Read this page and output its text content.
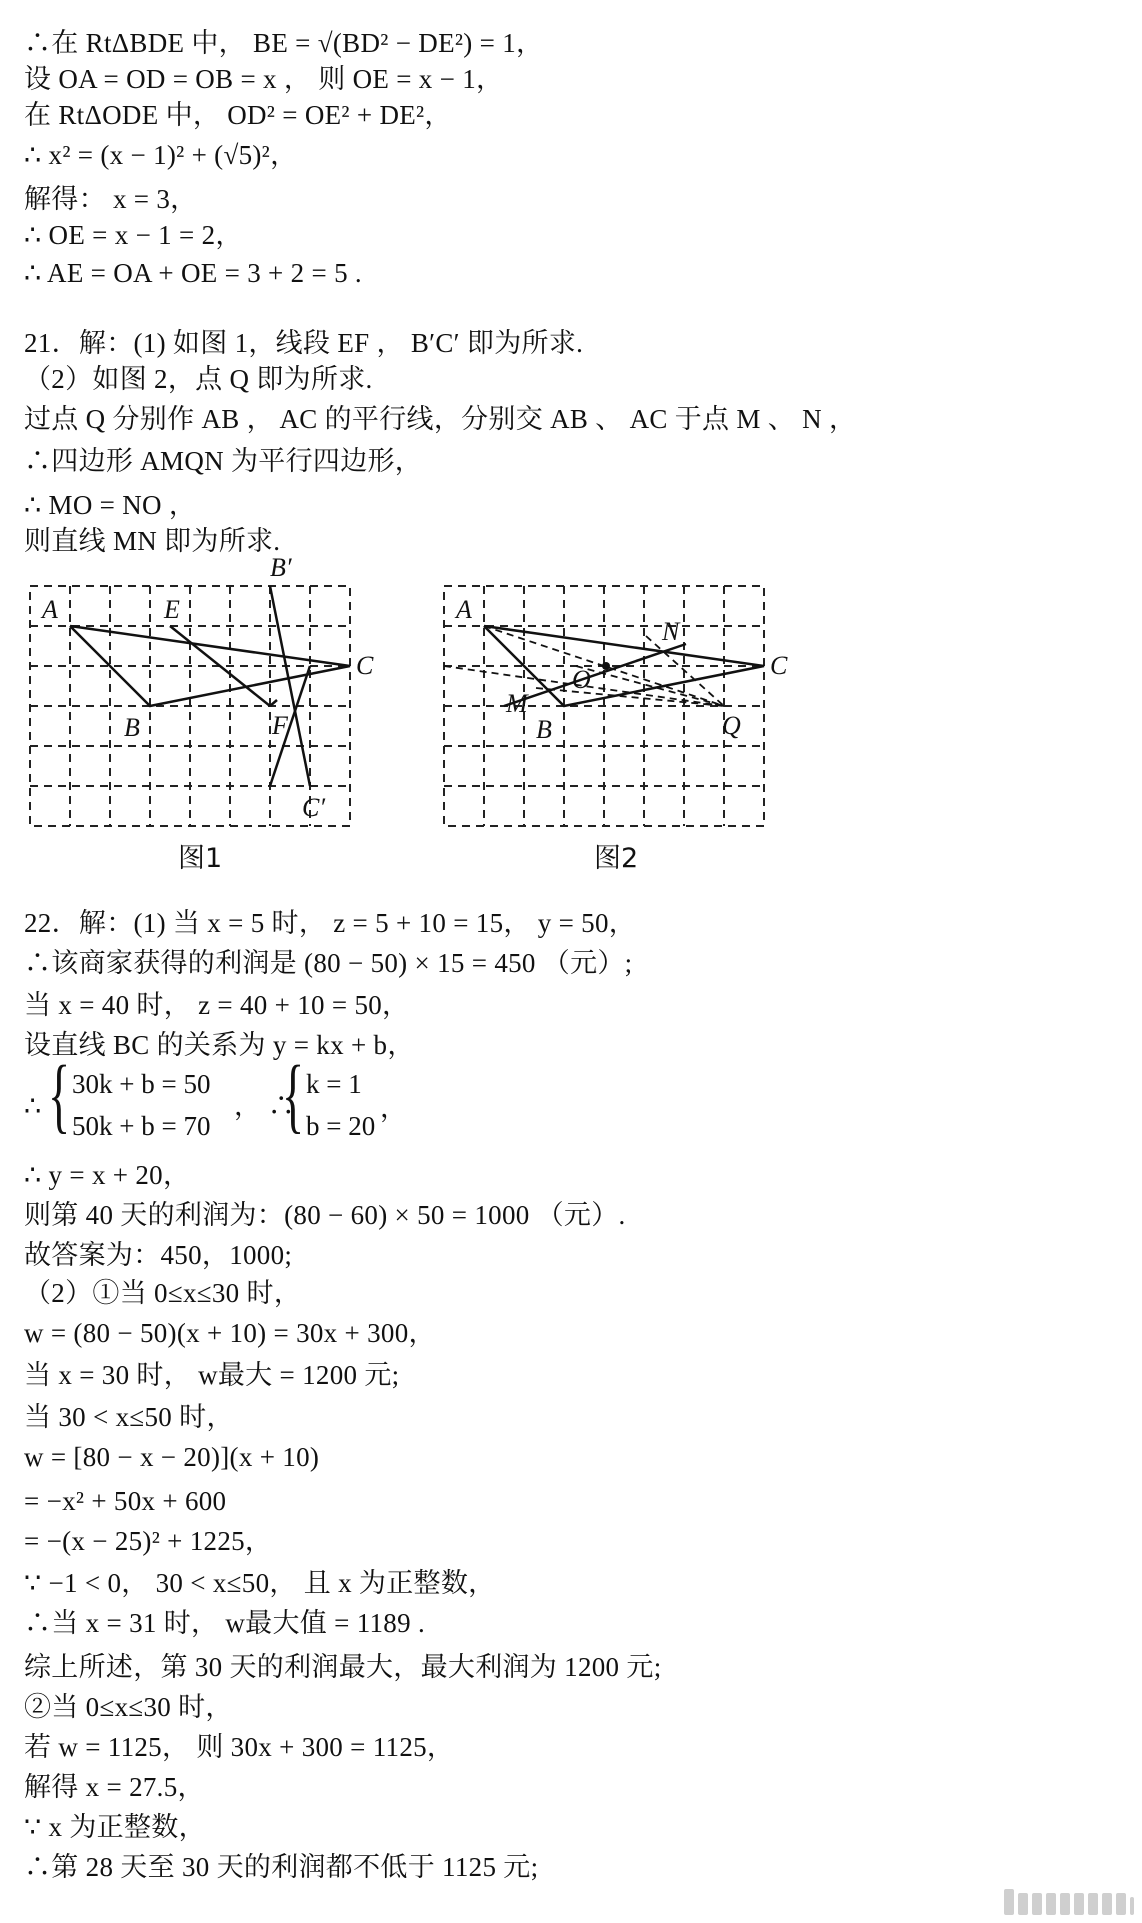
∴在 RtΔBDE 中， BE = √(BD² − DE²) = 1，
设 OA = OD = OB = x ， 则 OE = x − 1，
在 RtΔODE 中， OD² = OE² + DE²，
∴ x² = (x − 1)² + (√5)²，
解得： x = 3，
∴ OE = x − 1 = 2，
∴ AE = OA + OE = 3 + 2 = 5 .
21．解：(1) 如图 1，线段 EF ， B′C′ 即为所求.
（2）如图 2，点 Q 即为所求.
过点 Q 分别作 AB ， AC 的平行线，分别交 AB 、 AC 于点 M 、 N ，
∴四边形 AMQN 为平行四边形，
∴ MO = NO ，
则直线 MN 即为所求.
22．解：(1) 当 x = 5 时， z = 5 + 10 = 15， y = 50，
∴该商家获得的利润是 (80 − 50) × 15 = 450 （元）;
当 x = 40 时， z = 40 + 10 = 50，
设直线 BC 的关系为 y = kx + b，
∴ y = x + 20，
则第 40 天的利润为：(80 − 60) × 50 = 1000 （元）.
故答案为：450，1000;
（2）①当 0≤x≤30 时，
w = (80 − 50)(x + 10) = 30x + 300，
当 x = 30 时， w最大 = 1200 元;
当 30 < x≤50 时，
w = [80 − x − 20)](x + 10)
= −x² + 50x + 600
= −(x − 25)² + 1225，
∵ −1 < 0， 30 < x≤50， 且 x 为正整数，
∴当 x = 31 时， w最大值 = 1189 .
综上所述，第 30 天的利润最大，最大利润为 1200 元;
②当 0≤x≤30 时，
若 w = 1125， 则 30x + 300 = 1125，
解得 x = 27.5，
∵ x 为正整数，
∴第 28 天至 30 天的利润都不低于 1125 元;
∴ { 30k + b = 50
50k + b = 70
， ∴
{ k = 1
b = 20
，
A	E
B′
C
B	F
C′
图1
A
N
C
O
M
B	Q
图2
